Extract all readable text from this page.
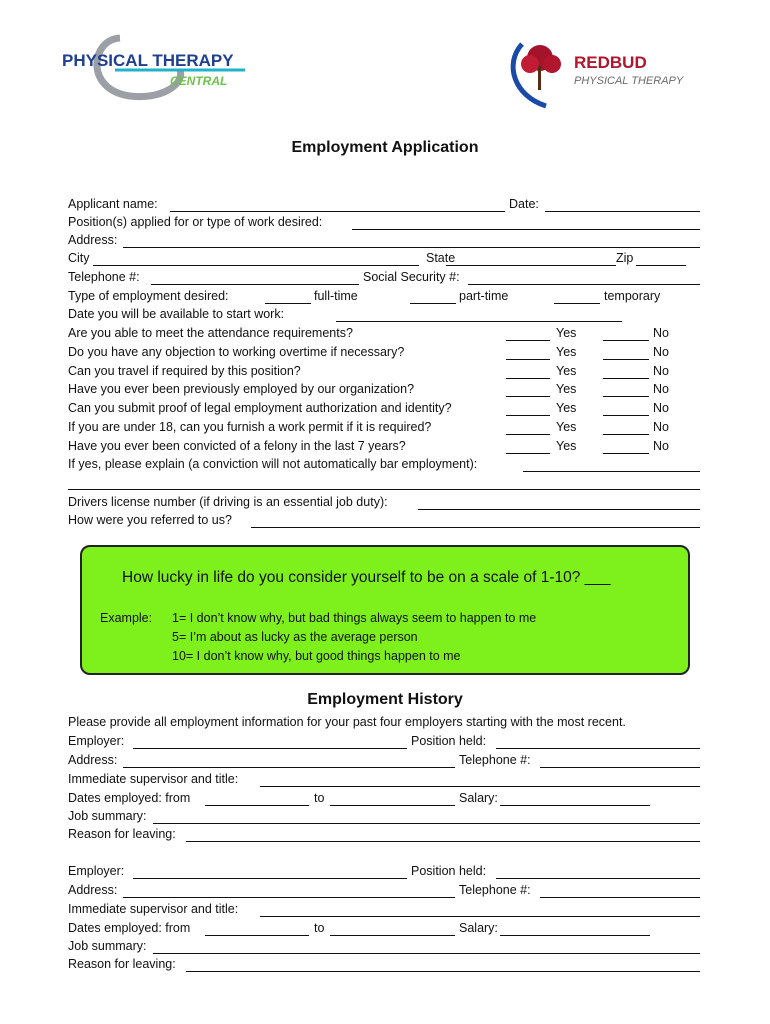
PHYSICAL THERAPY
CENTRAL
REDBUD
PHYSICAL THERAPY
Employment Application
Applicant name:	Date:
Position(s) applied for or type of work desired:
Address:
City	State	Zip
Telephone #:	Social Security #:
Type of employment desired:	full-time	part-time	temporary
Date you will be available to start work:
Are you able to meet the attendance requirements?	Yes	No
Do you have any objection to working overtime if necessary?	Yes	No
Can you travel if required by this position?	Yes	No
Have you ever been previously employed by our organization?	Yes	No
Can you submit proof of legal employment authorization and identity?	Yes	No
If you are under 18, can you furnish a work permit if it is required?	Yes	No
Have you ever been convicted of a felony in the last 7 years?	Yes	No
If yes, please explain (a conviction will not automatically bar employment):
Drivers license number (if driving is an essential job duty):
How were you referred to us?
How lucky in life do you consider yourself to be on a scale of 1-10? ___
Example: 1= I don’t know why, but bad things always seem to happen to me
5= I’m about as lucky as the average person
10= I don’t know why, but good things happen to me
Employment History
Please provide all employment information for your past four employers starting with the most recent.
Employer:	Position held:
Address:	Telephone #:
Immediate supervisor and title:
Dates employed: from	to	Salary:
Job summary:
Reason for leaving:
Employer:	Position held:
Address:	Telephone #:
Immediate supervisor and title:
Dates employed: from	to	Salary:
Job summary:
Reason for leaving:
